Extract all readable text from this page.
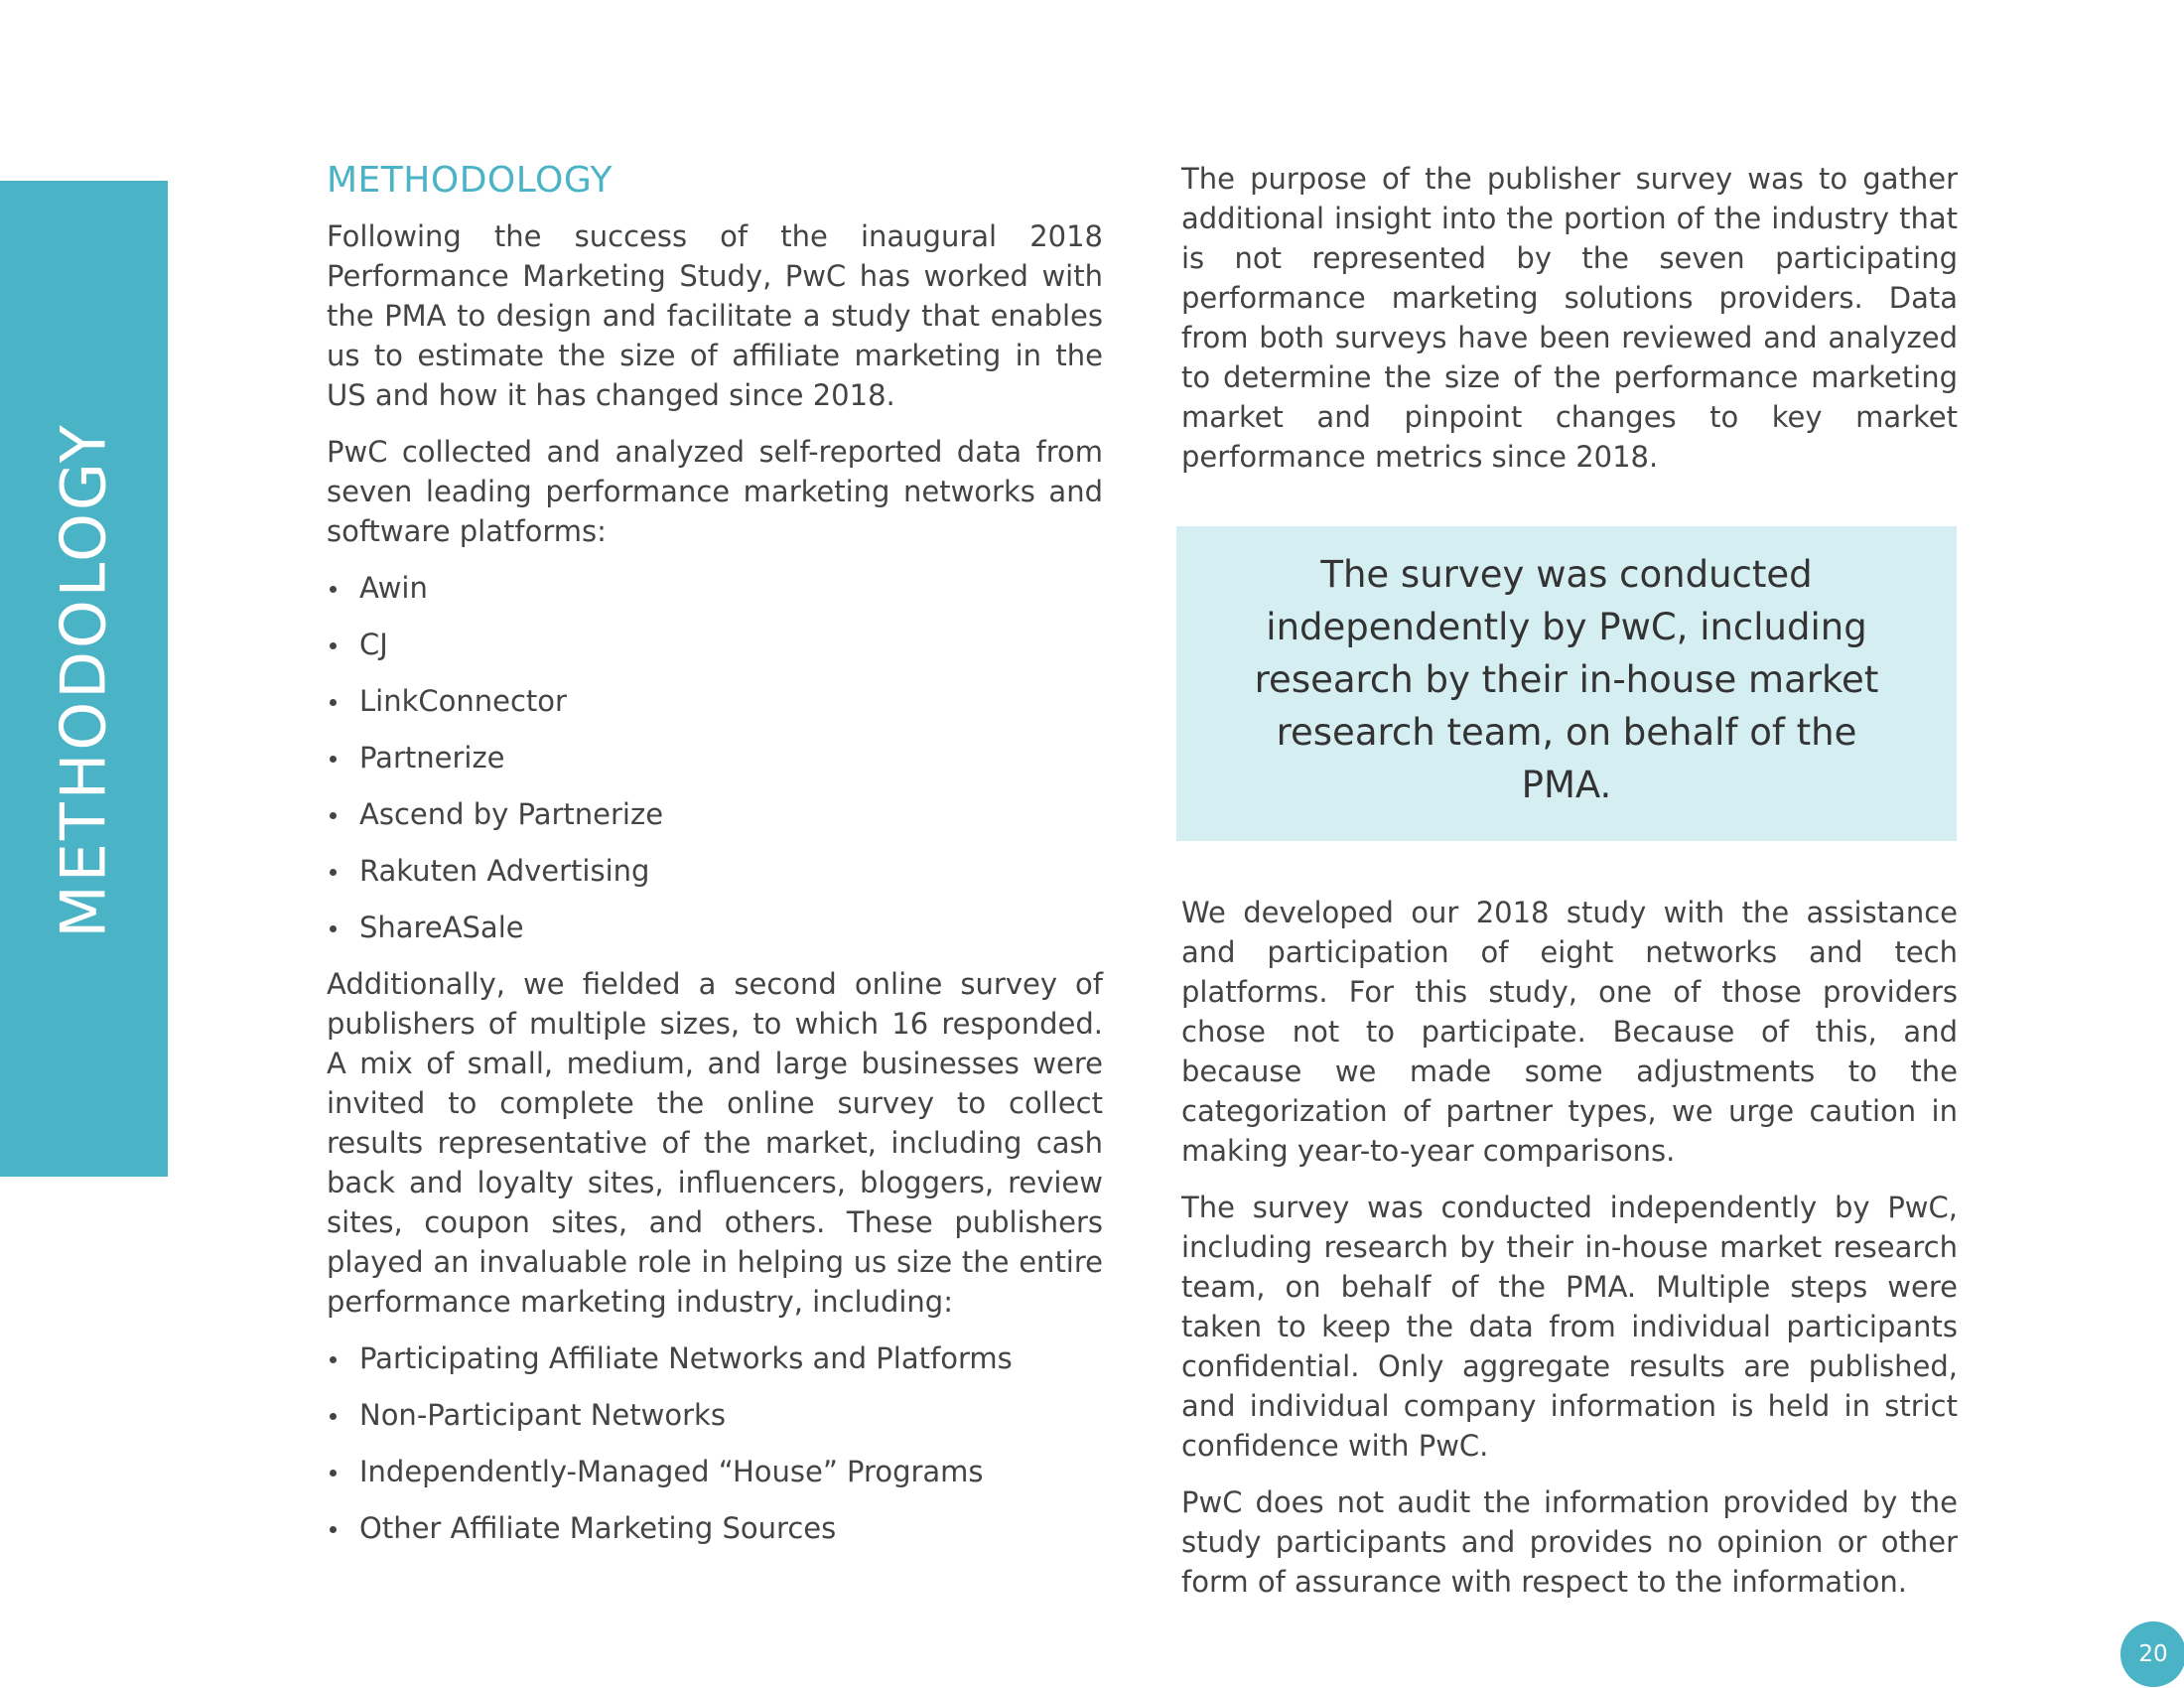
METHODOLOGY
METHODOLOGY

Following the success of the inaugural 2018 Performance Marketing Study, PwC has worked with the PMA to design and facilitate a study that enables us to estimate the size of affiliate marketing in the US and how it has changed since 2018.

PwC collected and analyzed self-reported data from seven leading performance marketing networks and software platforms:

Awin
CJ
LinkConnector
Partnerize
Ascend by Partnerize
Rakuten Advertising
ShareASale

Additionally, we fielded a second online survey of publishers of multiple sizes, to which 16 responded. A mix of small, medium, and large businesses were invited to complete the online survey to collect results representative of the market, including cash back and loyalty sites, influencers, bloggers, review sites, coupon sites, and others. These publishers played an invaluable role in helping us size the entire performance marketing industry, including:

Participating Affiliate Networks and Platforms
Non-Participant Networks
Independently-Managed “House” Programs
Other Affiliate Marketing Sources

The purpose of the publisher survey was to gather additional insight into the portion of the industry that is not represented by the seven participating performance marketing solutions providers. Data from both surveys have been reviewed and analyzed to determine the size of the performance marketing market and pinpoint changes to key market performance metrics since 2018.

The survey was conducted independently by PwC, including research by their in-house market research team, on behalf of the PMA.

We developed our 2018 study with the assistance and participation of eight networks and tech platforms. For this study, one of those providers chose not to participate. Because of this, and because we made some adjustments to the categorization of partner types, we urge caution in making year-to-year comparisons.

The survey was conducted independently by PwC, including research by their in-house market research team, on behalf of the PMA. Multiple steps were taken to keep the data from individual participants confidential. Only aggregate results are published, and individual company information is held in strict confidence with PwC.

PwC does not audit the information provided by the study participants and provides no opinion or other form of assurance with respect to the information.

20
